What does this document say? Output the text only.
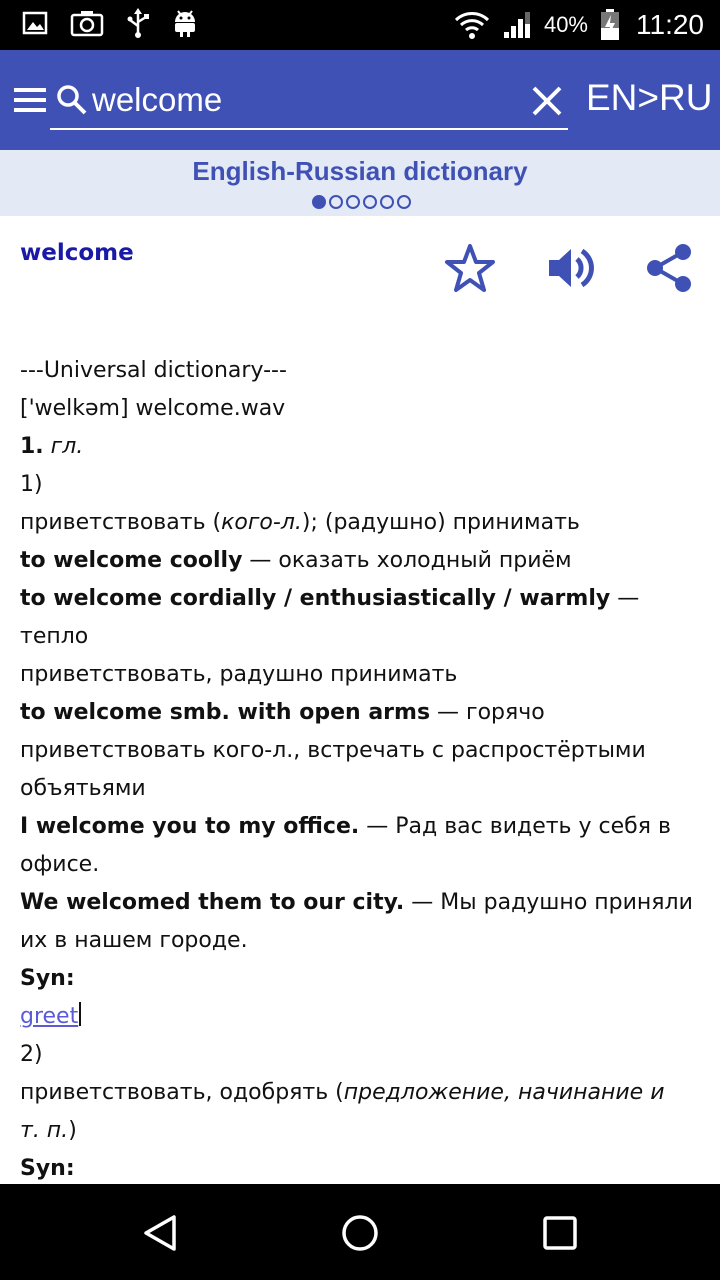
40% 11:20
welcome
EN>RU
English-Russian dictionary
welcome
---Universal dictionary---
['welkəm] welcome.wav
1. гл.
1)
приветствовать (кого-л.); (радушно) принимать
to welcome coolly — оказать холодный приём
to welcome cordially / enthusiastically / warmly — тепло
приветствовать, радушно принимать
to welcome smb. with open arms — горячо
приветствовать кого-л., встречать с распростёртыми
объятьями
I welcome you to my office. — Рад вас видеть у себя в
офисе.
We welcomed them to our city. — Мы радушно приняли
их в нашем городе.
Syn:
greet
2)
приветствовать, одобрять (предложение, начинание и
т. п.)
Syn:
